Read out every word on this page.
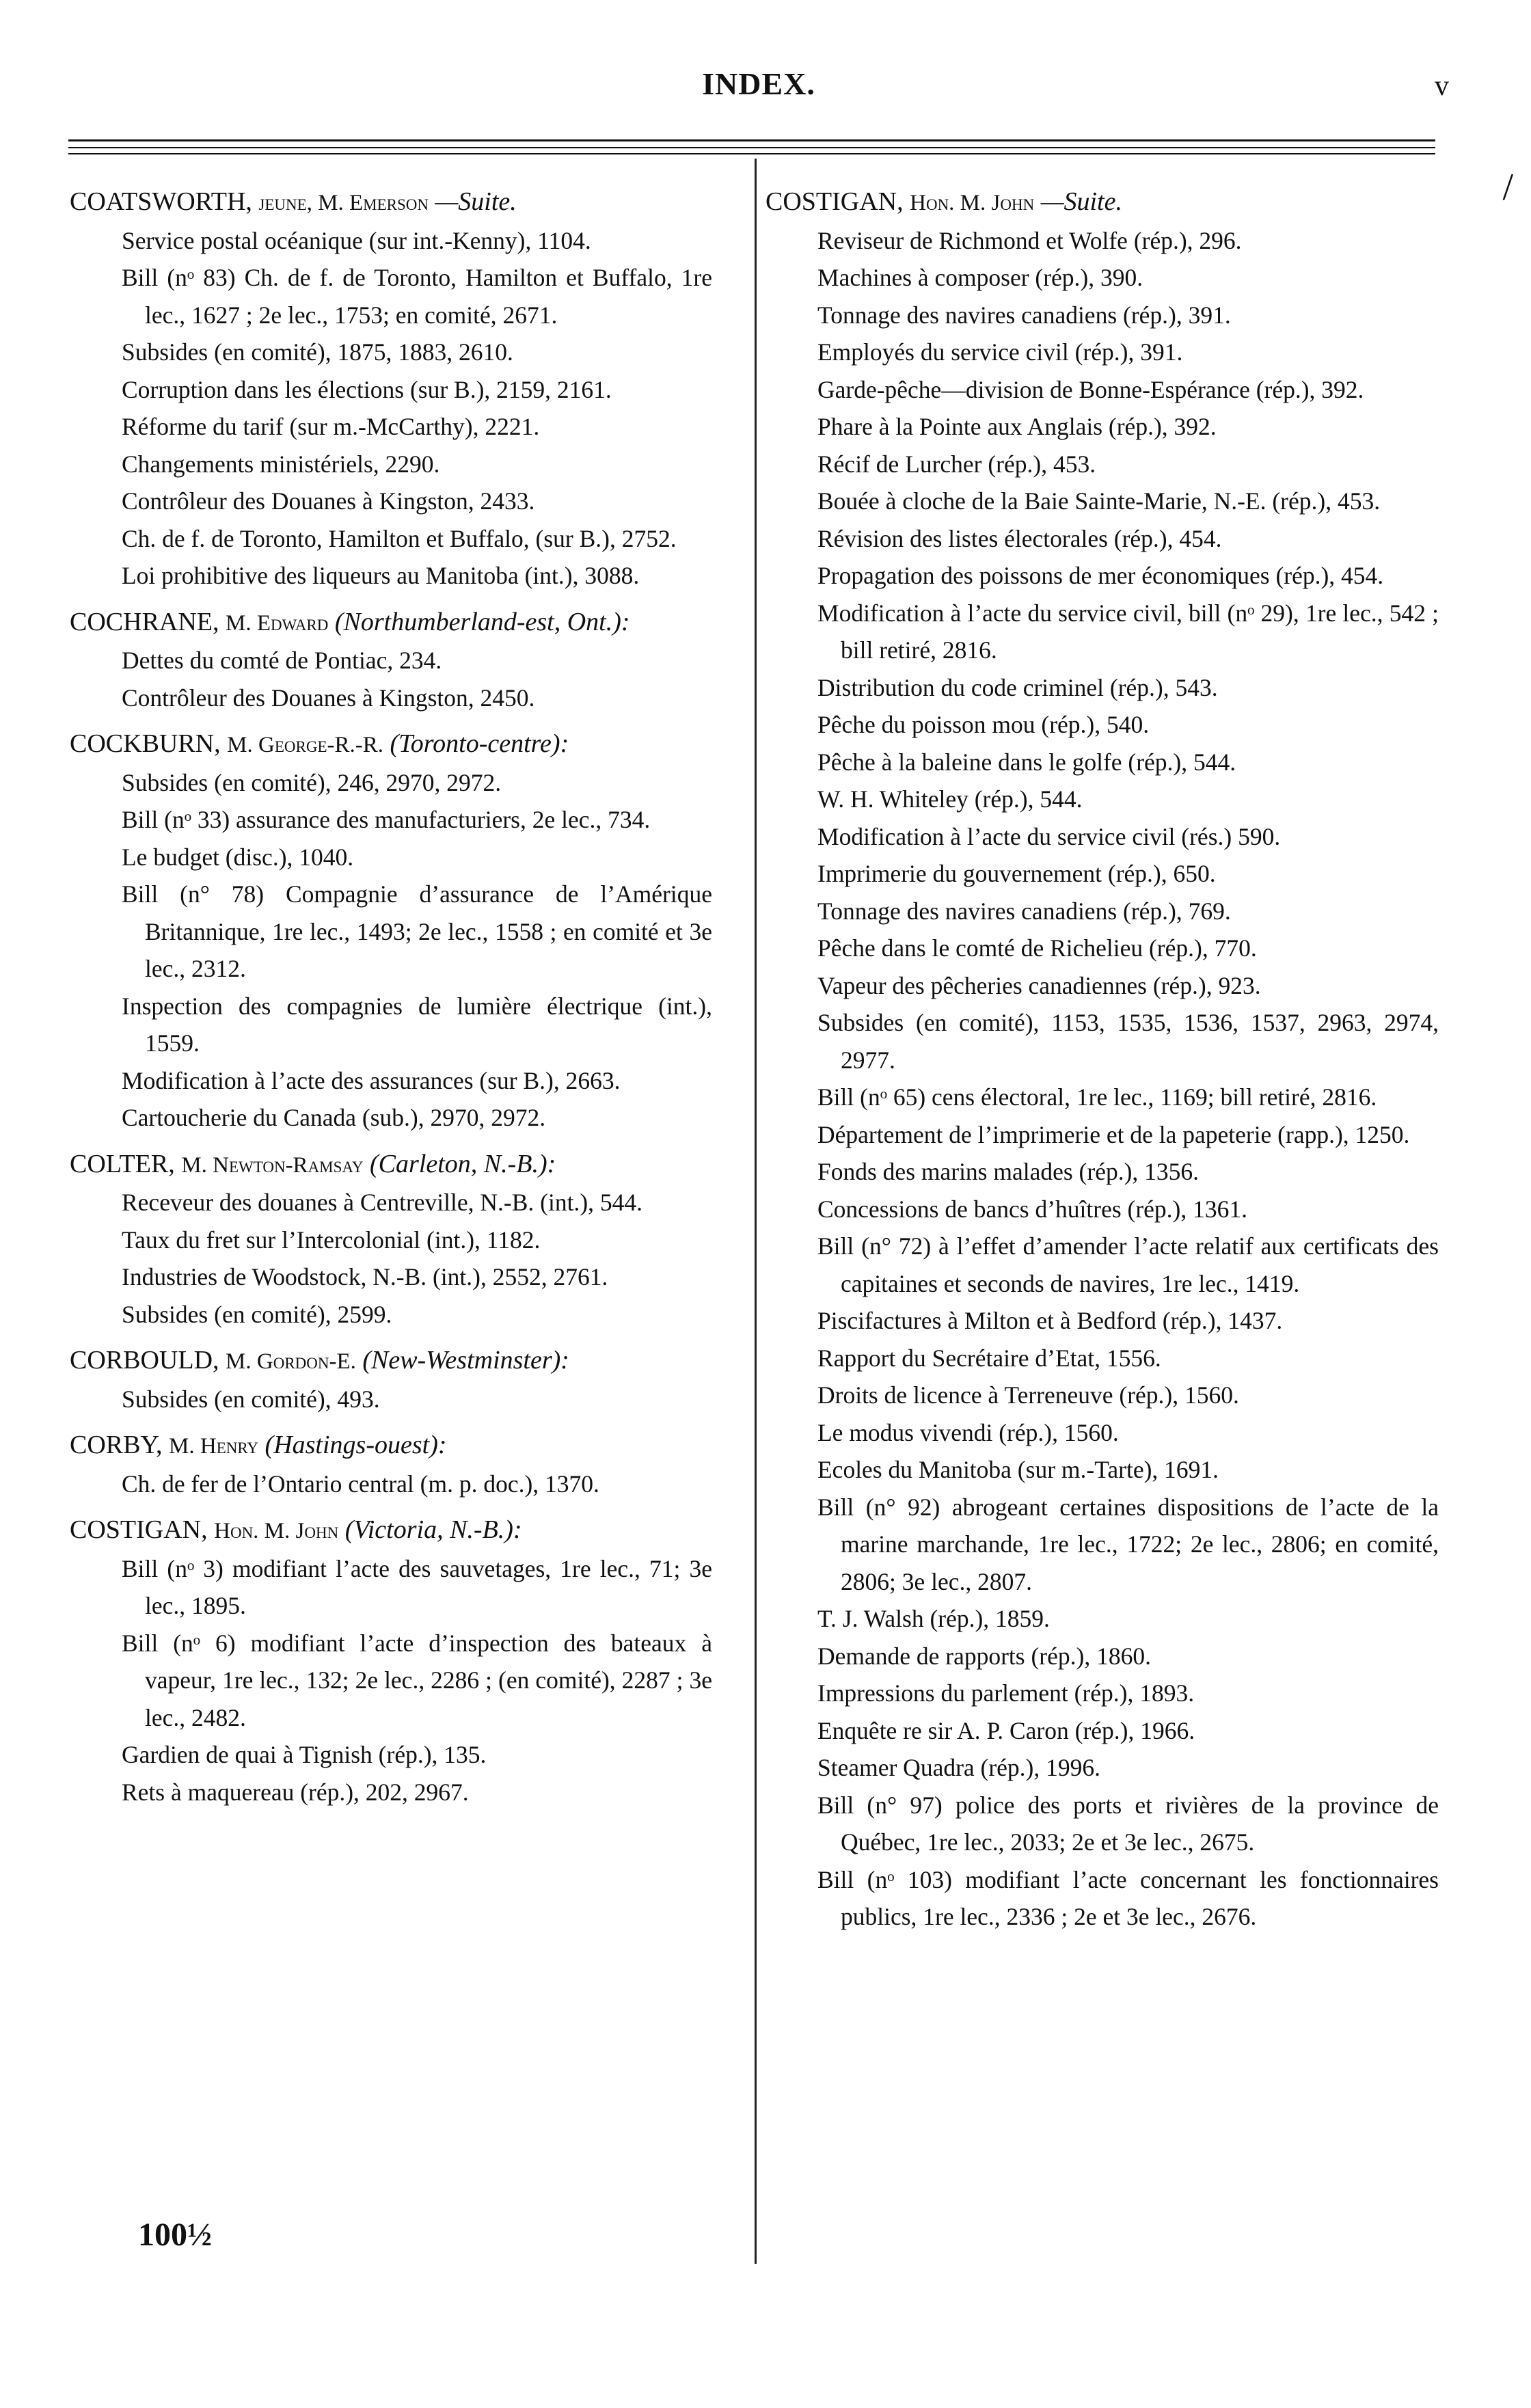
INDEX.	v
/
COATSWORTH, jeune, M. Emerson —Suite.
Service postal océanique (sur int.-Kenny), 1104.
Bill (nᵒ 83) Ch. de f. de Toronto, Hamilton et Buffalo, 1re lec., 1627 ; 2e lec., 1753; en comité, 2671.
Subsides (en comité), 1875, 1883, 2610.
Corruption dans les élections (sur B.), 2159, 2161.
Réforme du tarif (sur m.-McCarthy), 2221.
Changements ministériels, 2290.
Contrôleur des Douanes à Kingston, 2433.
Ch. de f. de Toronto, Hamilton et Buffalo, (sur B.), 2752.
Loi prohibitive des liqueurs au Manitoba (int.), 3088.
COCHRANE, M. Edward (Northumberland-est, Ont.):
Dettes du comté de Pontiac, 234.
Contrôleur des Douanes à Kingston, 2450.
COCKBURN, M. George-R.-R. (Toronto-centre):
Subsides (en comité), 246, 2970, 2972.
Bill (nᵒ 33) assurance des manufacturiers, 2e lec., 734.
Le budget (disc.), 1040.
Bill (n° 78) Compagnie d’assurance de l’Amérique Britannique, 1re lec., 1493; 2e lec., 1558 ; en comité et 3e lec., 2312.
Inspection des compagnies de lumière électrique (int.), 1559.
Modification à l’acte des assurances (sur B.), 2663.
Cartoucherie du Canada (sub.), 2970, 2972.
COLTER, M. Newton-Ramsay (Carleton, N.-B.):
Receveur des douanes à Centreville, N.-B. (int.), 544.
Taux du fret sur l’Intercolonial (int.), 1182.
Industries de Woodstock, N.-B. (int.), 2552, 2761.
Subsides (en comité), 2599.
CORBOULD, M. Gordon-E. (New-Westminster):
Subsides (en comité), 493.
CORBY, M. Henry (Hastings-ouest):
Ch. de fer de l’Ontario central (m. p. doc.), 1370.
COSTIGAN, Hon. M. John (Victoria, N.-B.):
Bill (nᵒ 3) modifiant l’acte des sauvetages, 1re lec., 71; 3e lec., 1895.
Bill (nᵒ 6) modifiant l’acte d’inspection des bateaux à vapeur, 1re lec., 132; 2e lec., 2286 ; (en comité), 2287 ; 3e lec., 2482.
Gardien de quai à Tignish (rép.), 135.
Rets à maquereau (rép.), 202, 2967.
COSTIGAN, Hon. M. John —Suite.
Reviseur de Richmond et Wolfe (rép.), 296.
Machines à composer (rép.), 390.
Tonnage des navires canadiens (rép.), 391.
Employés du service civil (rép.), 391.
Garde-pêche—division de Bonne-Espérance (rép.), 392.
Phare à la Pointe aux Anglais (rép.), 392.
Récif de Lurcher (rép.), 453.
Bouée à cloche de la Baie Sainte-Marie, N.-E. (rép.), 453.
Révision des listes électorales (rép.), 454.
Propagation des poissons de mer économiques (rép.), 454.
Modification à l’acte du service civil, bill (nᵒ 29), 1re lec., 542 ; bill retiré, 2816.
Distribution du code criminel (rép.), 543.
Pêche du poisson mou (rép.), 540.
Pêche à la baleine dans le golfe (rép.), 544.
W. H. Whiteley (rép.), 544.
Modification à l’acte du service civil (rés.) 590.
Imprimerie du gouvernement (rép.), 650.
Tonnage des navires canadiens (rép.), 769.
Pêche dans le comté de Richelieu (rép.), 770.
Vapeur des pêcheries canadiennes (rép.), 923.
Subsides (en comité), 1153, 1535, 1536, 1537, 2963, 2974, 2977.
Bill (nᵒ 65) cens électoral, 1re lec., 1169; bill retiré, 2816.
Département de l’imprimerie et de la papeterie (rapp.), 1250.
Fonds des marins malades (rép.), 1356.
Concessions de bancs d’huîtres (rép.), 1361.
Bill (n° 72) à l’effet d’amender l’acte relatif aux certificats des capitaines et seconds de navires, 1re lec., 1419.
Piscifactures à Milton et à Bedford (rép.), 1437.
Rapport du Secrétaire d’Etat, 1556.
Droits de licence à Terreneuve (rép.), 1560.
Le modus vivendi (rép.), 1560.
Ecoles du Manitoba (sur m.-Tarte), 1691.
Bill (n° 92) abrogeant certaines dispositions de l’acte de la marine marchande, 1re lec., 1722; 2e lec., 2806; en comité, 2806; 3e lec., 2807.
T. J. Walsh (rép.), 1859.
Demande de rapports (rép.), 1860.
Impressions du parlement (rép.), 1893.
Enquête re sir A. P. Caron (rép.), 1966.
Steamer Quadra (rép.), 1996.
Bill (n° 97) police des ports et rivières de la province de Québec, 1re lec., 2033; 2e et 3e lec., 2675.
Bill (nᵒ 103) modifiant l’acte concernant les fonctionnaires publics, 1re lec., 2336 ; 2e et 3e lec., 2676.
100½
